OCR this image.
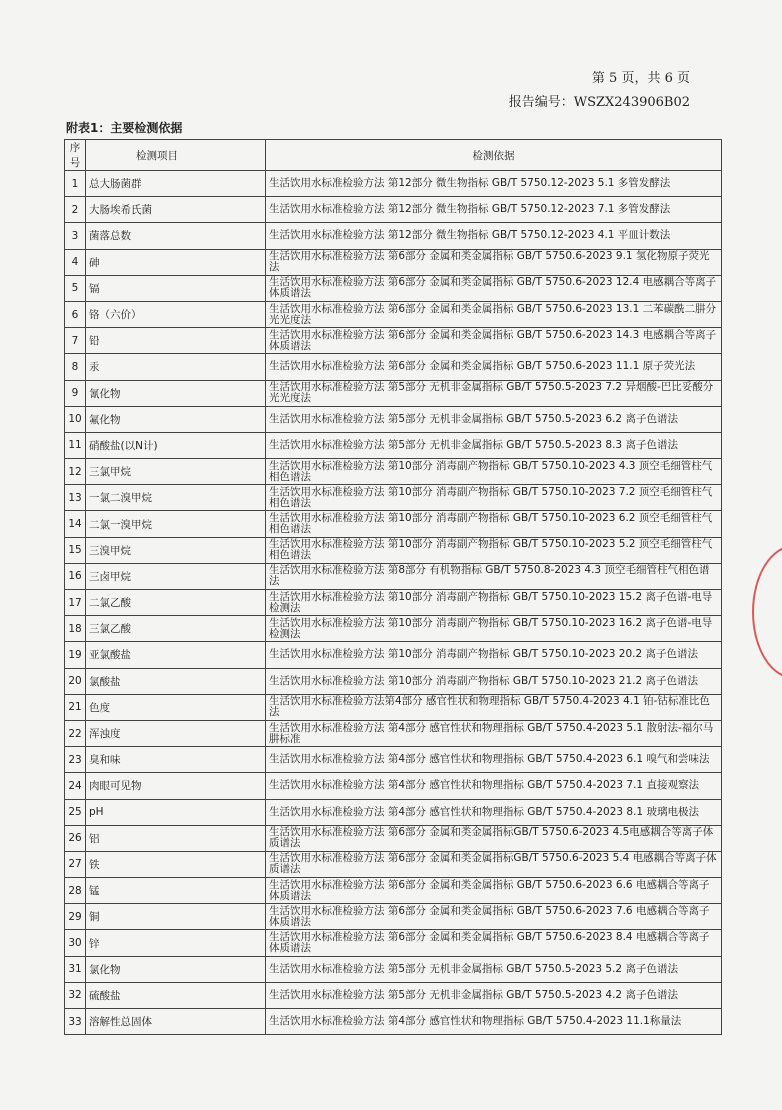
第 5 页，共 6 页
报告编号：WSZX243906B02
附表1：主要检测依据
序号	检测项目	检测依据
1	总大肠菌群	生活饮用水标准检验方法 第12部分 微生物指标 GB/T 5750.12-2023 5.1 多管发酵法
2	大肠埃希氏菌	生活饮用水标准检验方法 第12部分 微生物指标 GB/T 5750.12-2023 7.1 多管发酵法
3	菌落总数	生活饮用水标准检验方法 第12部分 微生物指标 GB/T 5750.12-2023 4.1 平皿计数法
4	砷	生活饮用水标准检验方法 第6部分 金属和类金属指标 GB/T 5750.6-2023 9.1 氢化物原子荧光法
5	镉	生活饮用水标准检验方法 第6部分 金属和类金属指标 GB/T 5750.6-2023 12.4 电感耦合等离子体质谱法
6	铬（六价）	生活饮用水标准检验方法 第6部分 金属和类金属指标 GB/T 5750.6-2023 13.1 二苯碳酰二肼分光光度法
7	铅	生活饮用水标准检验方法 第6部分 金属和类金属指标 GB/T 5750.6-2023 14.3 电感耦合等离子体质谱法
8	汞	生活饮用水标准检验方法 第6部分 金属和类金属指标 GB/T 5750.6-2023 11.1 原子荧光法
9	氰化物	生活饮用水标准检验方法 第5部分 无机非金属指标 GB/T 5750.5-2023 7.2 异烟酸-巴比妥酸分光光度法
10	氟化物	生活饮用水标准检验方法 第5部分 无机非金属指标 GB/T 5750.5-2023 6.2 离子色谱法
11	硝酸盐(以N计)	生活饮用水标准检验方法 第5部分 无机非金属指标 GB/T 5750.5-2023 8.3 离子色谱法
12	三氯甲烷	生活饮用水标准检验方法 第10部分 消毒副产物指标 GB/T 5750.10-2023 4.3 顶空毛细管柱气相色谱法
13	一氯二溴甲烷	生活饮用水标准检验方法 第10部分 消毒副产物指标 GB/T 5750.10-2023 7.2 顶空毛细管柱气相色谱法
14	二氯一溴甲烷	生活饮用水标准检验方法 第10部分 消毒副产物指标 GB/T 5750.10-2023 6.2 顶空毛细管柱气相色谱法
15	三溴甲烷	生活饮用水标准检验方法 第10部分 消毒副产物指标 GB/T 5750.10-2023 5.2 顶空毛细管柱气相色谱法
16	三卤甲烷	生活饮用水标准检验方法 第8部分 有机物指标 GB/T 5750.8-2023 4.3 顶空毛细管柱气相色谱法
17	二氯乙酸	生活饮用水标准检验方法 第10部分 消毒副产物指标 GB/T 5750.10-2023 15.2 离子色谱-电导检测法
18	三氯乙酸	生活饮用水标准检验方法 第10部分 消毒副产物指标 GB/T 5750.10-2023 16.2 离子色谱-电导检测法
19	亚氯酸盐	生活饮用水标准检验方法 第10部分 消毒副产物指标 GB/T 5750.10-2023 20.2 离子色谱法
20	氯酸盐	生活饮用水标准检验方法 第10部分 消毒副产物指标 GB/T 5750.10-2023 21.2 离子色谱法
21	色度	生活饮用水标准检验方法第4部分 感官性状和物理指标 GB/T 5750.4-2023 4.1 铂-钴标准比色法
22	浑浊度	生活饮用水标准检验方法 第4部分 感官性状和物理指标 GB/T 5750.4-2023 5.1 散射法-福尔马肼标准
23	臭和味	生活饮用水标准检验方法 第4部分 感官性状和物理指标 GB/T 5750.4-2023 6.1 嗅气和尝味法
24	肉眼可见物	生活饮用水标准检验方法 第4部分 感官性状和物理指标 GB/T 5750.4-2023 7.1 直接观察法
25	pH	生活饮用水标准检验方法 第4部分 感官性状和物理指标 GB/T 5750.4-2023 8.1 玻璃电极法
26	铝	生活饮用水标准检验方法 第6部分 金属和类金属指标GB/T 5750.6-2023 4.5电感耦合等离子体质谱法
27	铁	生活饮用水标准检验方法 第6部分 金属和类金属指标GB/T 5750.6-2023 5.4 电感耦合等离子体质谱法
28	锰	生活饮用水标准检验方法 第6部分 金属和类金属指标 GB/T 5750.6-2023 6.6 电感耦合等离子体质谱法
29	铜	生活饮用水标准检验方法 第6部分 金属和类金属指标 GB/T 5750.6-2023 7.6 电感耦合等离子体质谱法
30	锌	生活饮用水标准检验方法 第6部分 金属和类金属指标 GB/T 5750.6-2023 8.4 电感耦合等离子体质谱法
31	氯化物	生活饮用水标准检验方法 第5部分 无机非金属指标 GB/T 5750.5-2023 5.2 离子色谱法
32	硫酸盐	生活饮用水标准检验方法 第5部分 无机非金属指标 GB/T 5750.5-2023 4.2 离子色谱法
33	溶解性总固体	生活饮用水标准检验方法 第4部分 感官性状和物理指标 GB/T 5750.4-2023 11.1称量法
